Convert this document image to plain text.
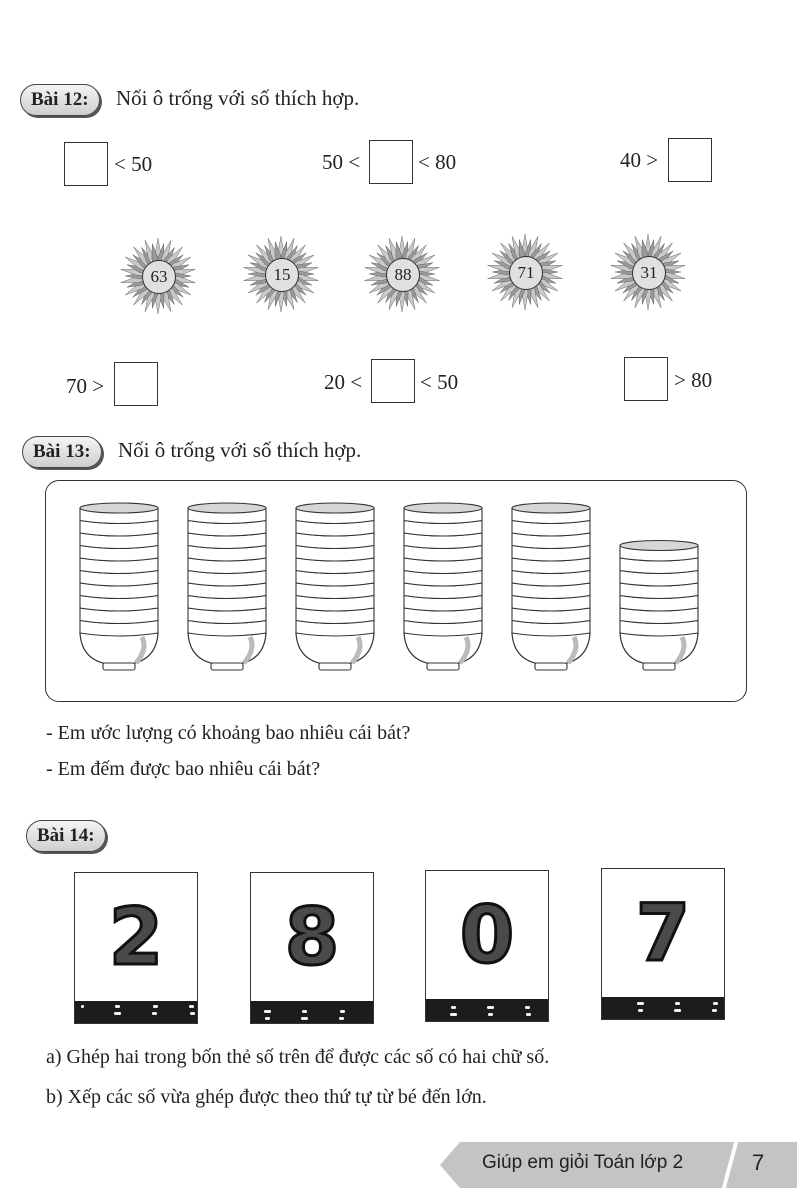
Bài 12:	Nối ô trống với số thích hợp.
< 50	50 <	< 80	40 >
63	15	88	71	31
70 >	20 <	< 50	> 80
Bài 13:	Nối ô trống với số thích hợp.
- Em ước lượng có khoảng bao nhiêu cái bát?
- Em đếm được bao nhiêu cái bát?
Bài 14:
2	8	0	7
a) Ghép hai trong bốn thẻ số trên để được các số có hai chữ số.
b) Xếp các số vừa ghép được theo thứ tự từ bé đến lớn.
Giúp em giỏi Toán lớp 2	7
